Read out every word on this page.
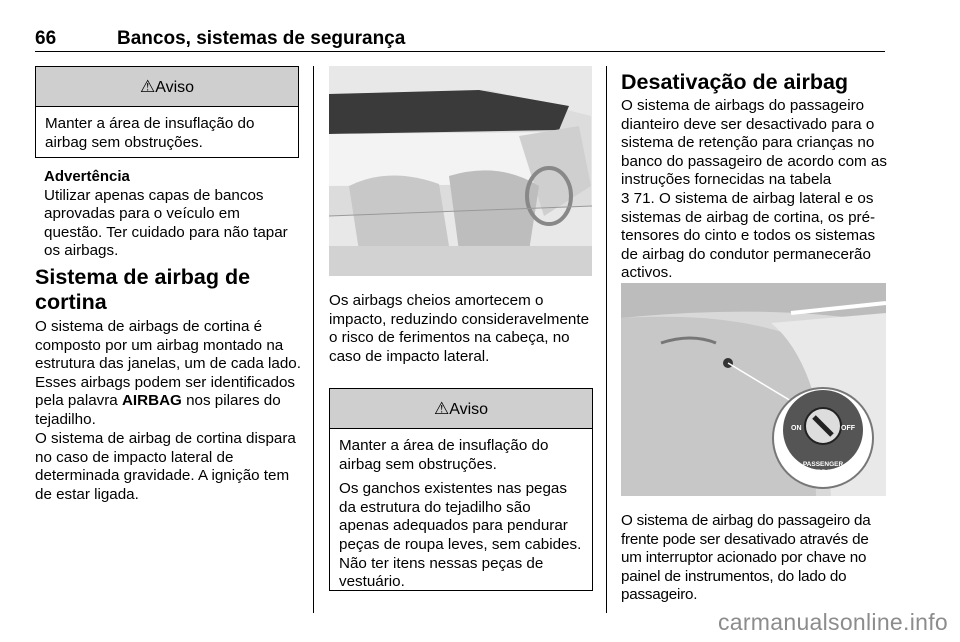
66	Bancos, sistemas de segurança
⚠Aviso

Manter a área de insuflação do airbag sem obstruções.

Advertência
Utilizar apenas capas de bancos aprovadas para o veículo em questão. Ter cuidado para não tapar os airbags.
Sistema de airbag de cortina
O sistema de airbags de cortina é composto por um airbag montado na estrutura das janelas, um de cada lado. Esses airbags podem ser identificados pela palavra AIRBAG nos pilares do tejadilho.
O sistema de airbag de cortina dispara no caso de impacto lateral de determinada gravidade. A ignição tem de estar ligada.
Os airbags cheios amortecem o impacto, reduzindo consideravelmente o risco de ferimentos na cabeça, no caso de impacto lateral.
⚠Aviso

Manter a área de insuflação do airbag sem obstruções.

Os ganchos existentes nas pegas da estrutura do tejadilho são apenas adequados para pendurar peças de roupa leves, sem cabides. Não ter itens nessas peças de vestuário.

Desativação de airbag
O sistema de airbags do passageiro dianteiro deve ser desactivado para o sistema de retenção para crianças no banco do passageiro de acordo com as instruções fornecidas na tabela
3 71. O sistema de airbag lateral e os sistemas de airbag de cortina, os pré-tensores do cinto e todos os sistemas de airbag do condutor permanecerão activos.
ON	OFF
PASSENGER
AIRBAG
O sistema de airbag do passageiro da frente pode ser desativado através de um interruptor acionado por chave no painel de instrumentos, do lado do passageiro.
carmanualsonline.info
